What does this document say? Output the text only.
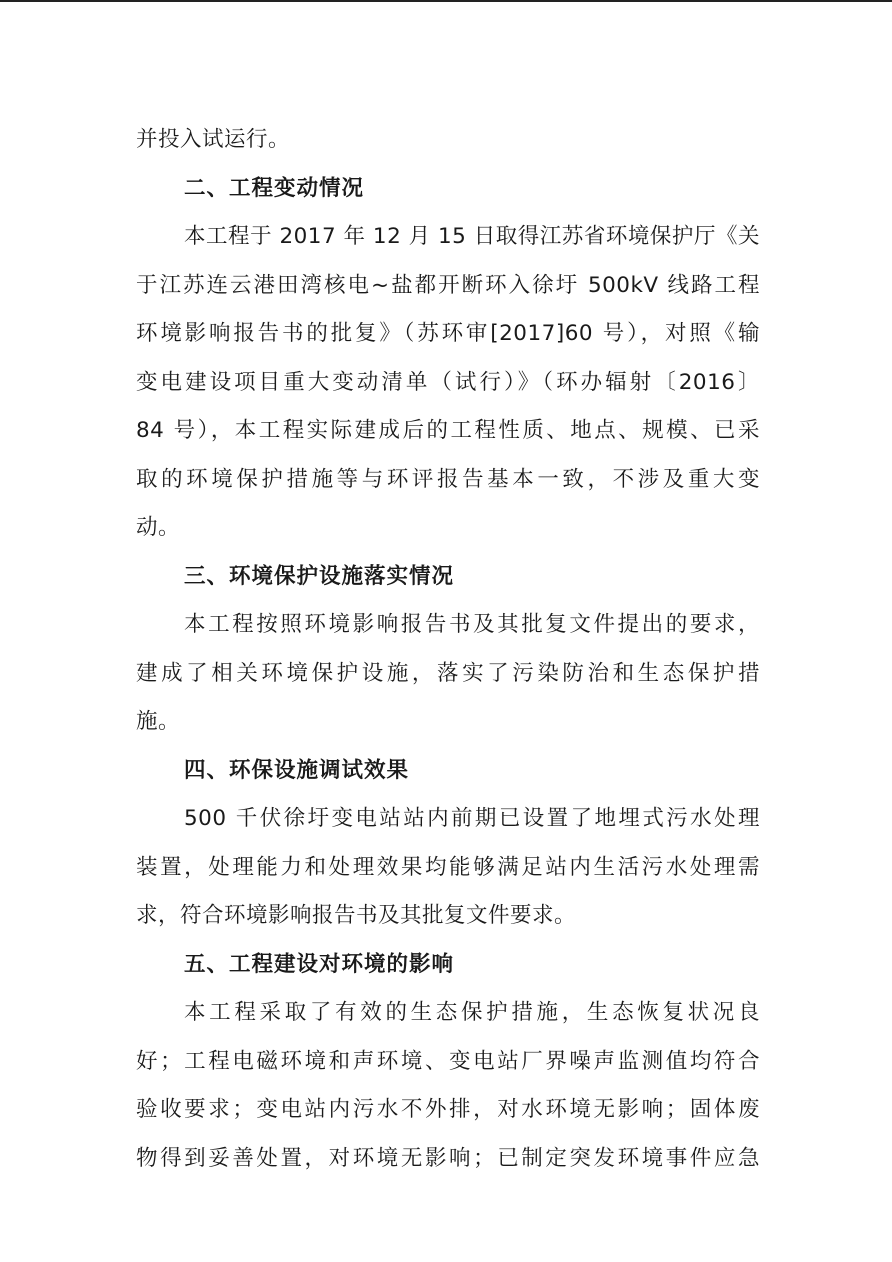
并投入试运行。
二、工程变动情况
本工程于 2017 年 12 月 15 日取得江苏省环境保护厅《关
于江苏连云港田湾核电~盐都开断环入徐圩 500kV 线路工程
环境影响报告书的批复》（苏环审[2017]60 号），对照《输
变电建设项目重大变动清单（试行）》（环办辐射〔2016〕
84 号），本工程实际建成后的工程性质、地点、规模、已采
取的环境保护措施等与环评报告基本一致，不涉及重大变
动。
三、环境保护设施落实情况
本工程按照环境影响报告书及其批复文件提出的要求，
建成了相关环境保护设施，落实了污染防治和生态保护措
施。
四、环保设施调试效果
500 千伏徐圩变电站站内前期已设置了地埋式污水处理
装置，处理能力和处理效果均能够满足站内生活污水处理需
求，符合环境影响报告书及其批复文件要求。
五、工程建设对环境的影响
本工程采取了有效的生态保护措施，生态恢复状况良
好；工程电磁环境和声环境、变电站厂界噪声监测值均符合
验收要求；变电站内污水不外排，对水环境无影响；固体废
物得到妥善处置，对环境无影响；已制定突发环境事件应急
